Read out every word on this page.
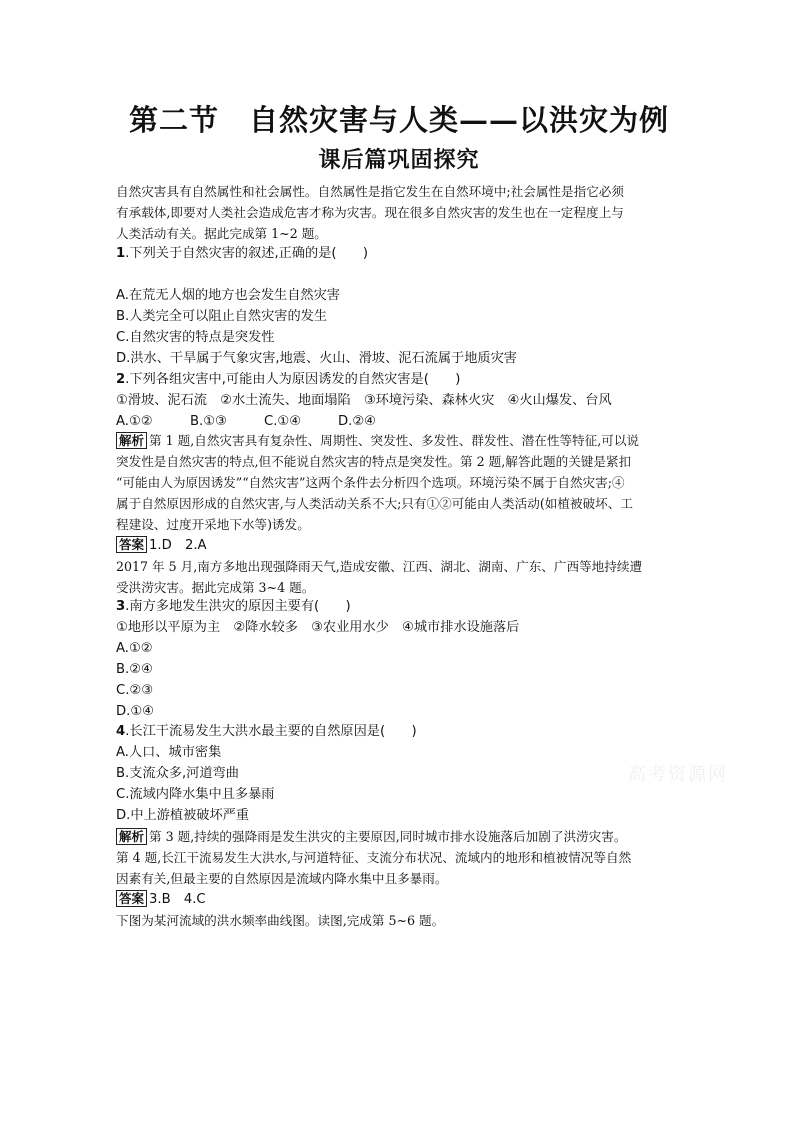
第二节　自然灾害与人类——以洪灾为例
课后篇巩固探究

自然灾害具有自然属性和社会属性。自然属性是指它发生在自然环境中;社会属性是指它必须

有承载体,即要对人类社会造成危害才称为灾害。现在很多自然灾害的发生也在一定程度上与

人类活动有关。据此完成第 1~2 题。

1.下列关于自然灾害的叙述,正确的是(　　)

A.在荒无人烟的地方也会发生自然灾害

B.人类完全可以阻止自然灾害的发生

C.自然灾害的特点是突发性

D.洪水、干旱属于气象灾害,地震、火山、滑坡、泥石流属于地质灾害

2.下列各组灾害中,可能由人为原因诱发的自然灾害是(　　)

①滑坡、泥石流　②水土流失、地面塌陷　③环境污染、森林火灾　④火山爆发、台风

A.①②	B.①③	C.①④	D.②④

解析 第 1 题,自然灾害具有复杂性、周期性、突发性、多发性、群发性、潜在性等特征,可以说

突发性是自然灾害的特点,但不能说自然灾害的特点是突发性。第 2 题,解答此题的关键是紧扣

“可能由人为原因诱发”“自然灾害”这两个条件去分析四个选项。环境污染不属于自然灾害;④

属于自然原因形成的自然灾害,与人类活动关系不大;只有①②可能由人类活动(如植被破坏、工

程建设、过度开采地下水等)诱发。

答案 1.D　2.A

2017 年 5 月,南方多地出现强降雨天气,造成安徽、江西、湖北、湖南、广东、广西等地持续遭

受洪涝灾害。据此完成第 3~4 题。

3.南方多地发生洪灾的原因主要有(　　)

①地形以平原为主　②降水较多　③农业用水少　④城市排水设施落后

A.①②

B.②④

C.②③

D.①④

4.长江干流易发生大洪水最主要的自然原因是(　　)

A.人口、城市密集

B.支流众多,河道弯曲

C.流域内降水集中且多暴雨

D.中上游植被破坏严重

解析 第 3 题,持续的强降雨是发生洪灾的主要原因,同时城市排水设施落后加剧了洪涝灾害。

第 4 题,长江干流易发生大洪水,与河道特征、支流分布状况、流域内的地形和植被情况等自然

因素有关,但最主要的自然原因是流域内降水集中且多暴雨。

答案 3.B　4.C

下图为某河流域的洪水频率曲线图。读图,完成第 5~6 题。

高考资源网
